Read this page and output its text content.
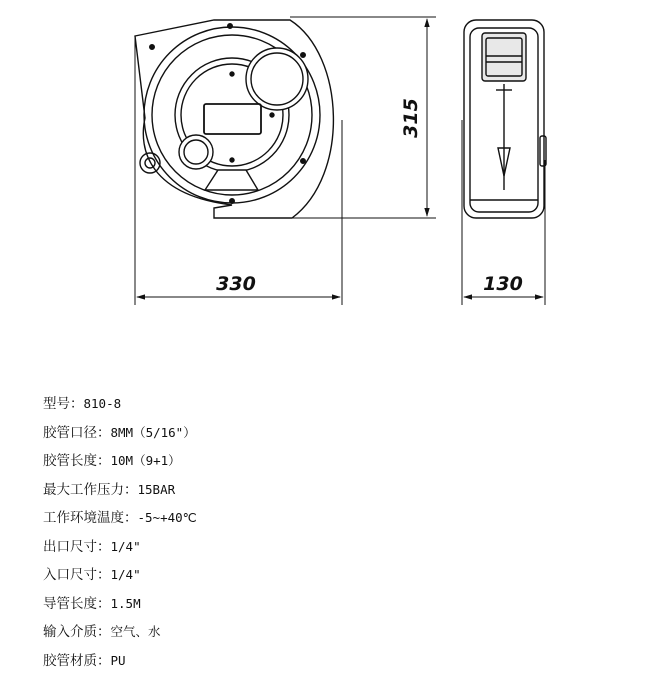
330	130
315
型号：810-8
胶管口径：8MM（5/16"）
胶管长度：10M（9+1）
最大工作压力：15BAR
工作环境温度：-5~+40℃
出口尺寸：1/4"
入口尺寸：1/4"
导管长度：1.5M
输入介质：空气、水
胶管材质：PU
